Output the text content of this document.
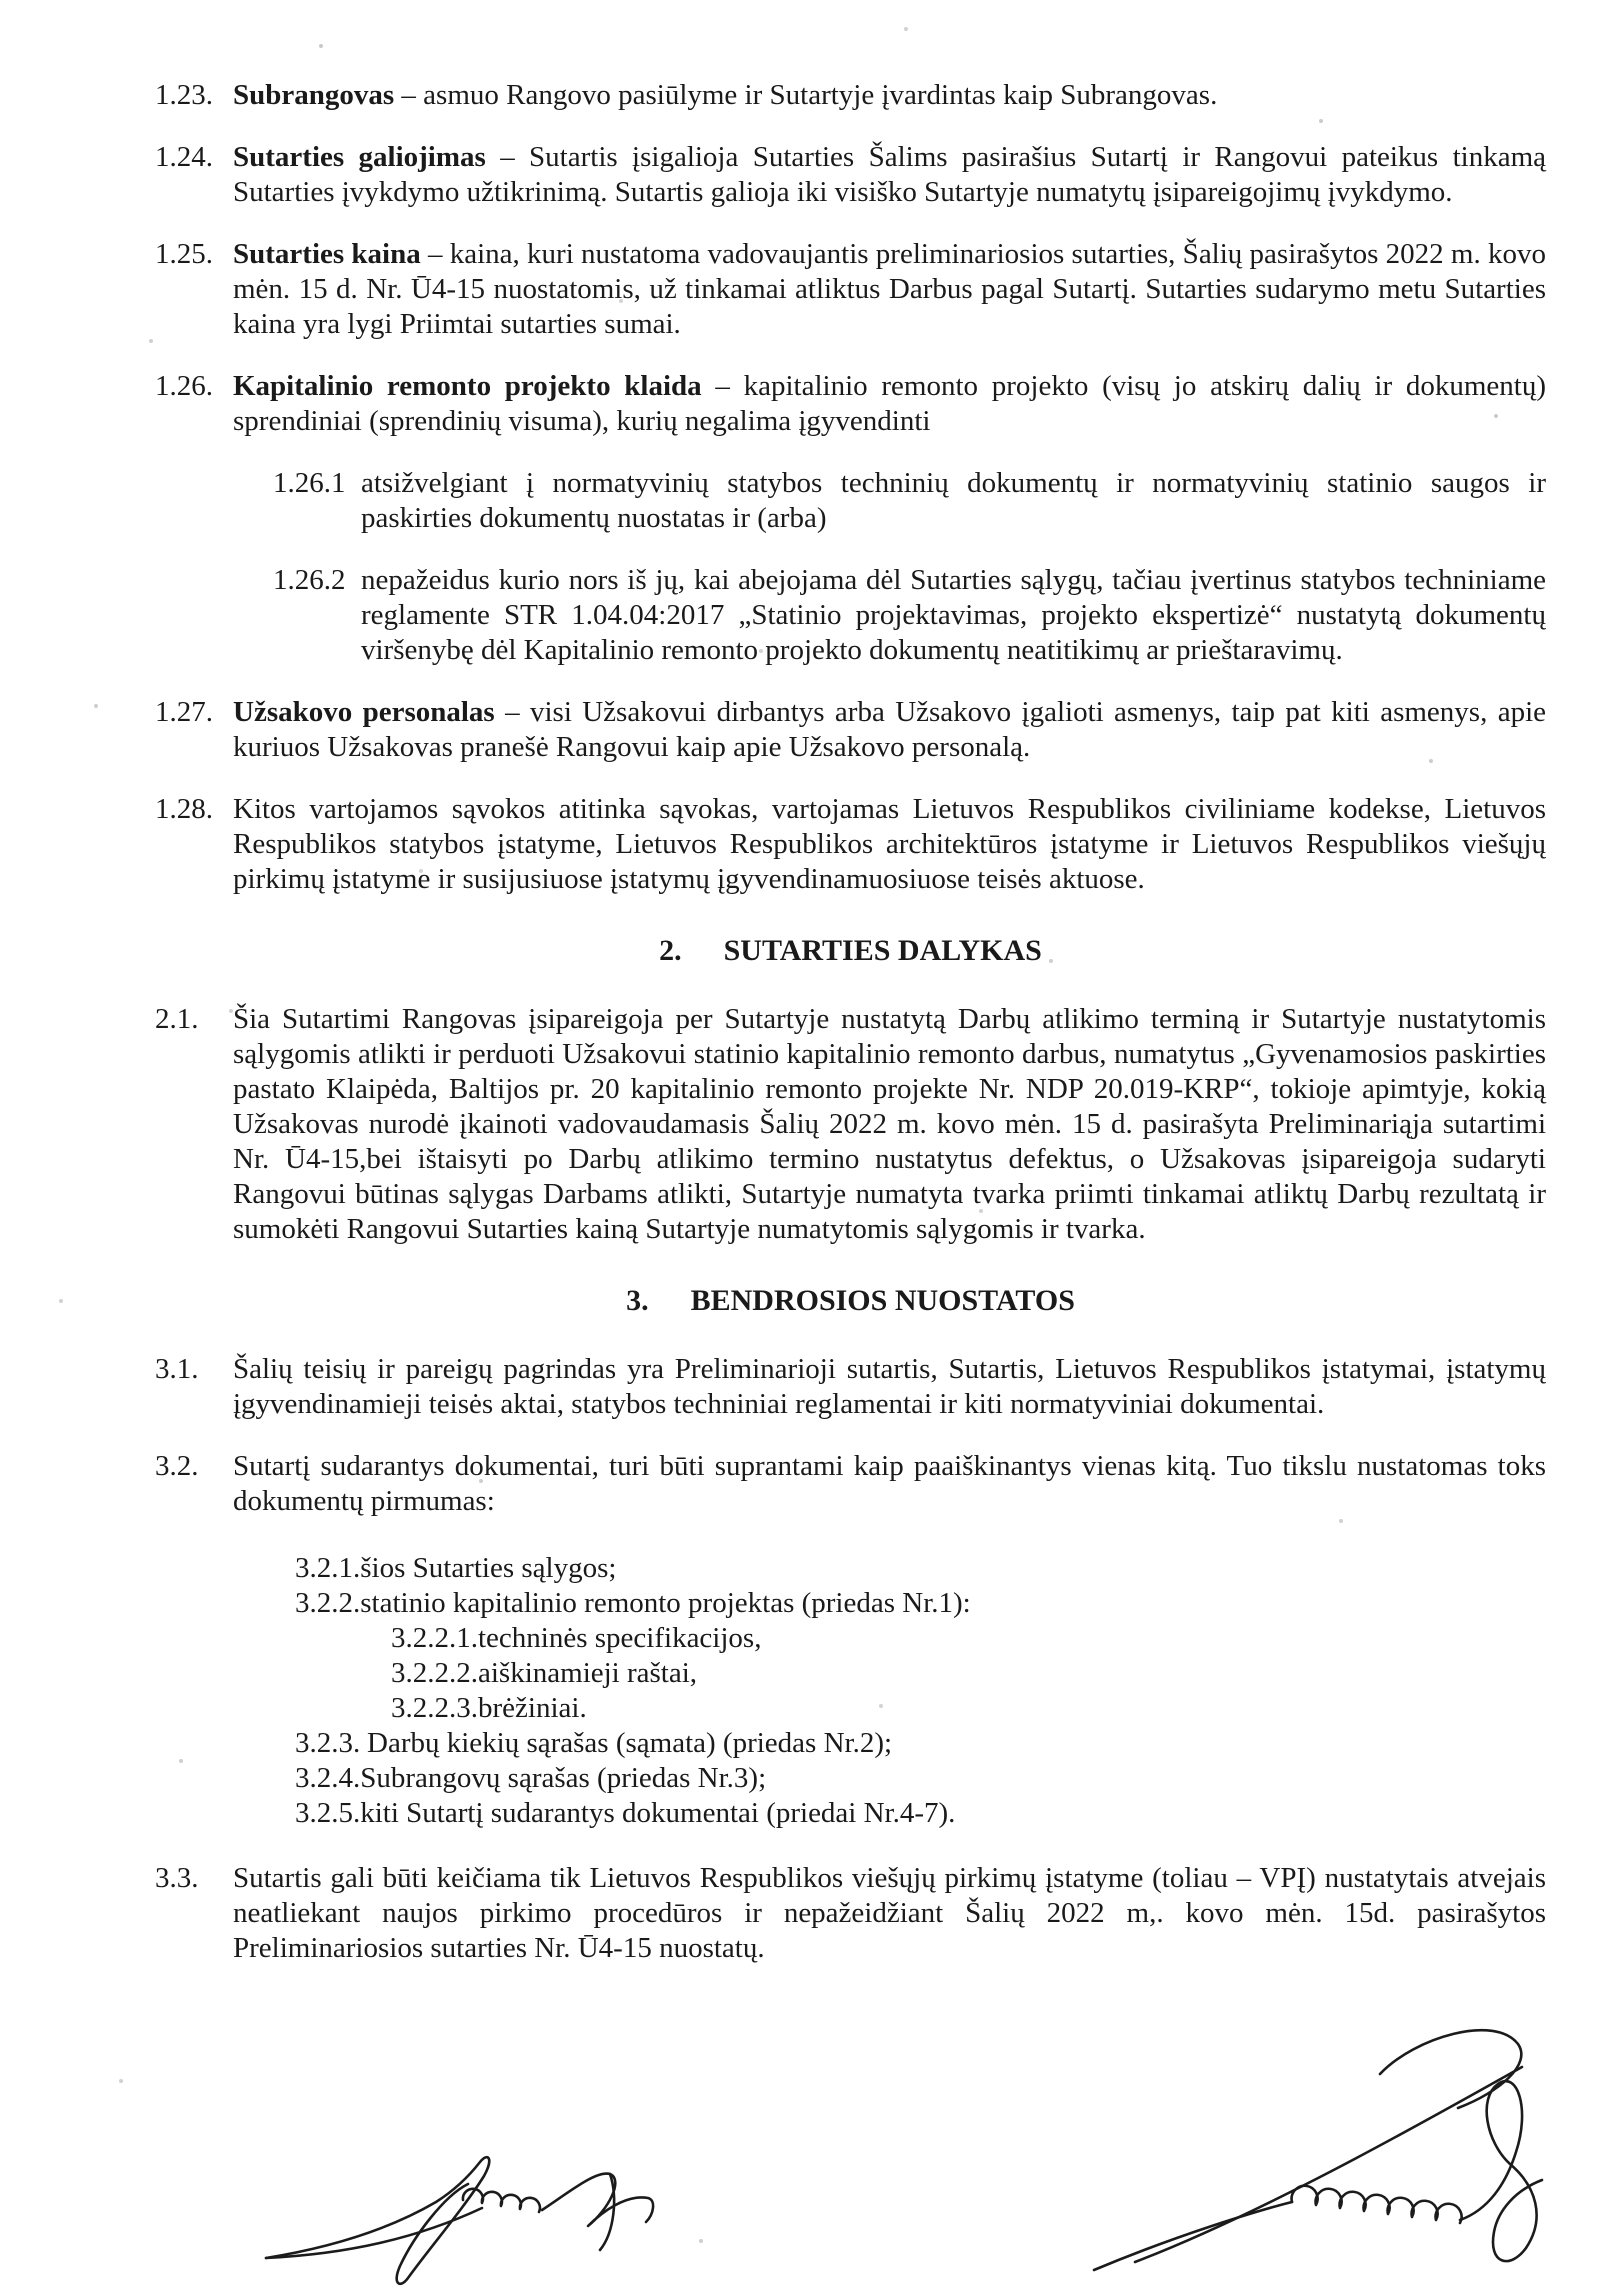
1.23. Subrangovas – asmuo Rangovo pasiūlyme ir Sutartyje įvardintas kaip Subrangovas.
1.24. Sutarties galiojimas – Sutartis įsigalioja Sutarties Šalims pasirašius Sutartį ir Rangovui pateikus tinkamą Sutarties įvykdymo užtikrinimą. Sutartis galioja iki visiško Sutartyje numatytų įsipareigojimų įvykdymo.
1.25. Sutarties kaina – kaina, kuri nustatoma vadovaujantis preliminariosios sutarties, Šalių pasirašytos 2022 m. kovo mėn. 15 d. Nr. Ū4-15 nuostatomis, už tinkamai atliktus Darbus pagal Sutartį. Sutarties sudarymo metu Sutarties kaina yra lygi Priimtai sutarties sumai.
1.26. Kapitalinio remonto projekto klaida – kapitalinio remonto projekto (visų jo atskirų dalių ir dokumentų) sprendiniai (sprendinių visuma), kurių negalima įgyvendinti
1.26.1 atsižvelgiant į normatyvinių statybos techninių dokumentų ir normatyvinių statinio saugos ir paskirties dokumentų nuostatas ir (arba)
1.26.2 nepažeidus kurio nors iš jų, kai abejojama dėl Sutarties sąlygų, tačiau įvertinus statybos techniniame reglamente STR 1.04.04:2017 „Statinio projektavimas, projekto ekspertizė“ nustatytą dokumentų viršenybę dėl Kapitalinio remonto projekto dokumentų neatitikimų ar prieštaravimų.
1.27. Užsakovo personalas – visi Užsakovui dirbantys arba Užsakovo įgalioti asmenys, taip pat kiti asmenys, apie kuriuos Užsakovas pranešė Rangovui kaip apie Užsakovo personalą.
1.28. Kitos vartojamos sąvokos atitinka sąvokas, vartojamas Lietuvos Respublikos civiliniame kodekse, Lietuvos Respublikos statybos įstatyme, Lietuvos Respublikos architektūros įstatyme ir Lietuvos Respublikos viešųjų pirkimų įstatyme ir susijusiuose įstatymų įgyvendinamuosiuose teisės aktuose.
2. SUTARTIES DALYKAS
2.1.	Šia Sutartimi Rangovas įsipareigoja per Sutartyje nustatytą Darbų atlikimo terminą ir Sutartyje nustatytomis sąlygomis atlikti ir perduoti Užsakovui statinio kapitalinio remonto darbus, numatytus „Gyvenamosios paskirties pastato Klaipėda, Baltijos pr. 20 kapitalinio remonto projekte Nr. NDP 20.019-KRP“, tokioje apimtyje, kokią Užsakovas nurodė įkainoti vadovaudamasis Šalių 2022 m. kovo mėn. 15 d. pasirašyta Preliminariąja sutartimi Nr. Ū4-15,bei ištaisyti po Darbų atlikimo termino nustatytus defektus, o Užsakovas įsipareigoja sudaryti Rangovui būtinas sąlygas Darbams atlikti, Sutartyje numatyta tvarka priimti tinkamai atliktų Darbų rezultatą ir sumokėti Rangovui Sutarties kainą Sutartyje numatytomis sąlygomis ir tvarka.
3. BENDROSIOS NUOSTATOS
3.1.	Šalių teisių ir pareigų pagrindas yra Preliminarioji sutartis, Sutartis, Lietuvos Respublikos įstatymai, įstatymų įgyvendinamieji teisės aktai, statybos techniniai reglamentai ir kiti normatyviniai dokumentai.
3.2.	Sutartį sudarantys dokumentai, turi būti suprantami kaip paaiškinantys vienas kitą. Tuo tikslu nustatomas toks dokumentų pirmumas:
3.2.1. šios Sutarties sąlygos;
3.2.2. statinio kapitalinio remonto projektas (priedas Nr.1):
3.2.2.1. techninės specifikacijos,
3.2.2.2. aiškinamieji raštai,
3.2.2.3. brėžiniai.
3.2.3. Darbų kiekių sąrašas (sąmata) (priedas Nr.2);
3.2.4. Subrangovų sąrašas (priedas Nr.3);
3.2.5. kiti Sutartį sudarantys dokumentai (priedai Nr.4-7).
3.3.	Sutartis gali būti keičiama tik Lietuvos Respublikos viešųjų pirkimų įstatyme (toliau – VPĮ) nustatytais atvejais neatliekant naujos pirkimo procedūros ir nepažeidžiant Šalių 2022 m,. kovo mėn. 15d. pasirašytos Preliminariosios sutarties Nr. Ū4-15 nuostatų.
